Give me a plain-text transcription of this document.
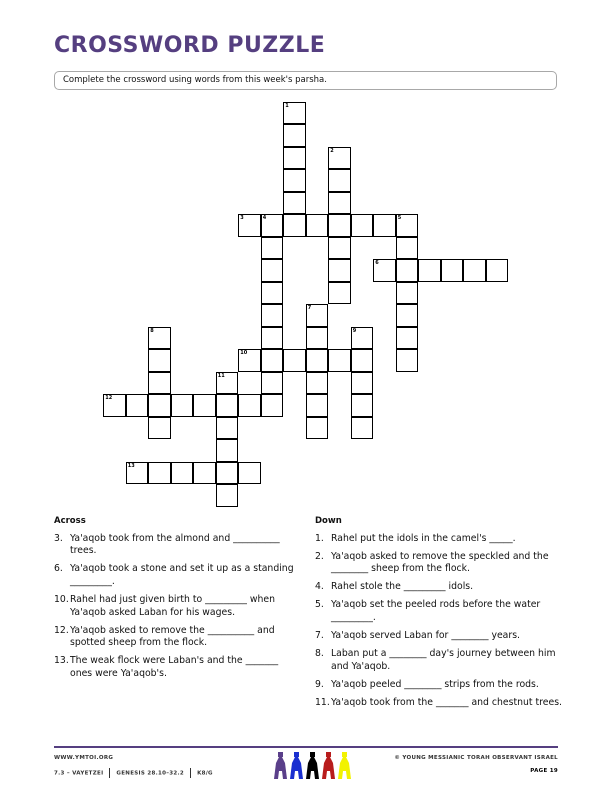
CROSSWORD PUZZLE
Complete the crossword using words from this week's parsha.
1
2
3	4	5
6
7
8	9
10
11
12
13
Across
3. Ya'aqob took from the almond and __________ trees.
6. Ya'aqob took a stone and set it up as a standing _________.
10. Rahel had just given birth to _________ when Ya'aqob asked Laban for his wages.
12. Ya'aqob asked to remove the __________ and spotted sheep from the flock.
13. The weak flock were Laban's and the _______ ones were Ya'aqob's.
Down
1. Rahel put the idols in the camel's _____.
2. Ya'aqob asked to remove the speckled and the ________ sheep from the flock.
4. Rahel stole the _________ idols.
5. Ya'aqob set the peeled rods before the water _________.
7. Ya'aqob served Laban for ________ years.
8. Laban put a ________ day's journey between him and Ya'aqob.
9. Ya'aqob peeled ________ strips from the rods.
11. Ya'aqob took from the _______ and chestnut trees.
WWW.YMTOI.ORG
7.3 – VAYETZEI GENESIS 28.10–32.2 K8/G
© YOUNG MESSIANIC TORAH OBSERVANT ISRAEL
PAGE 19
